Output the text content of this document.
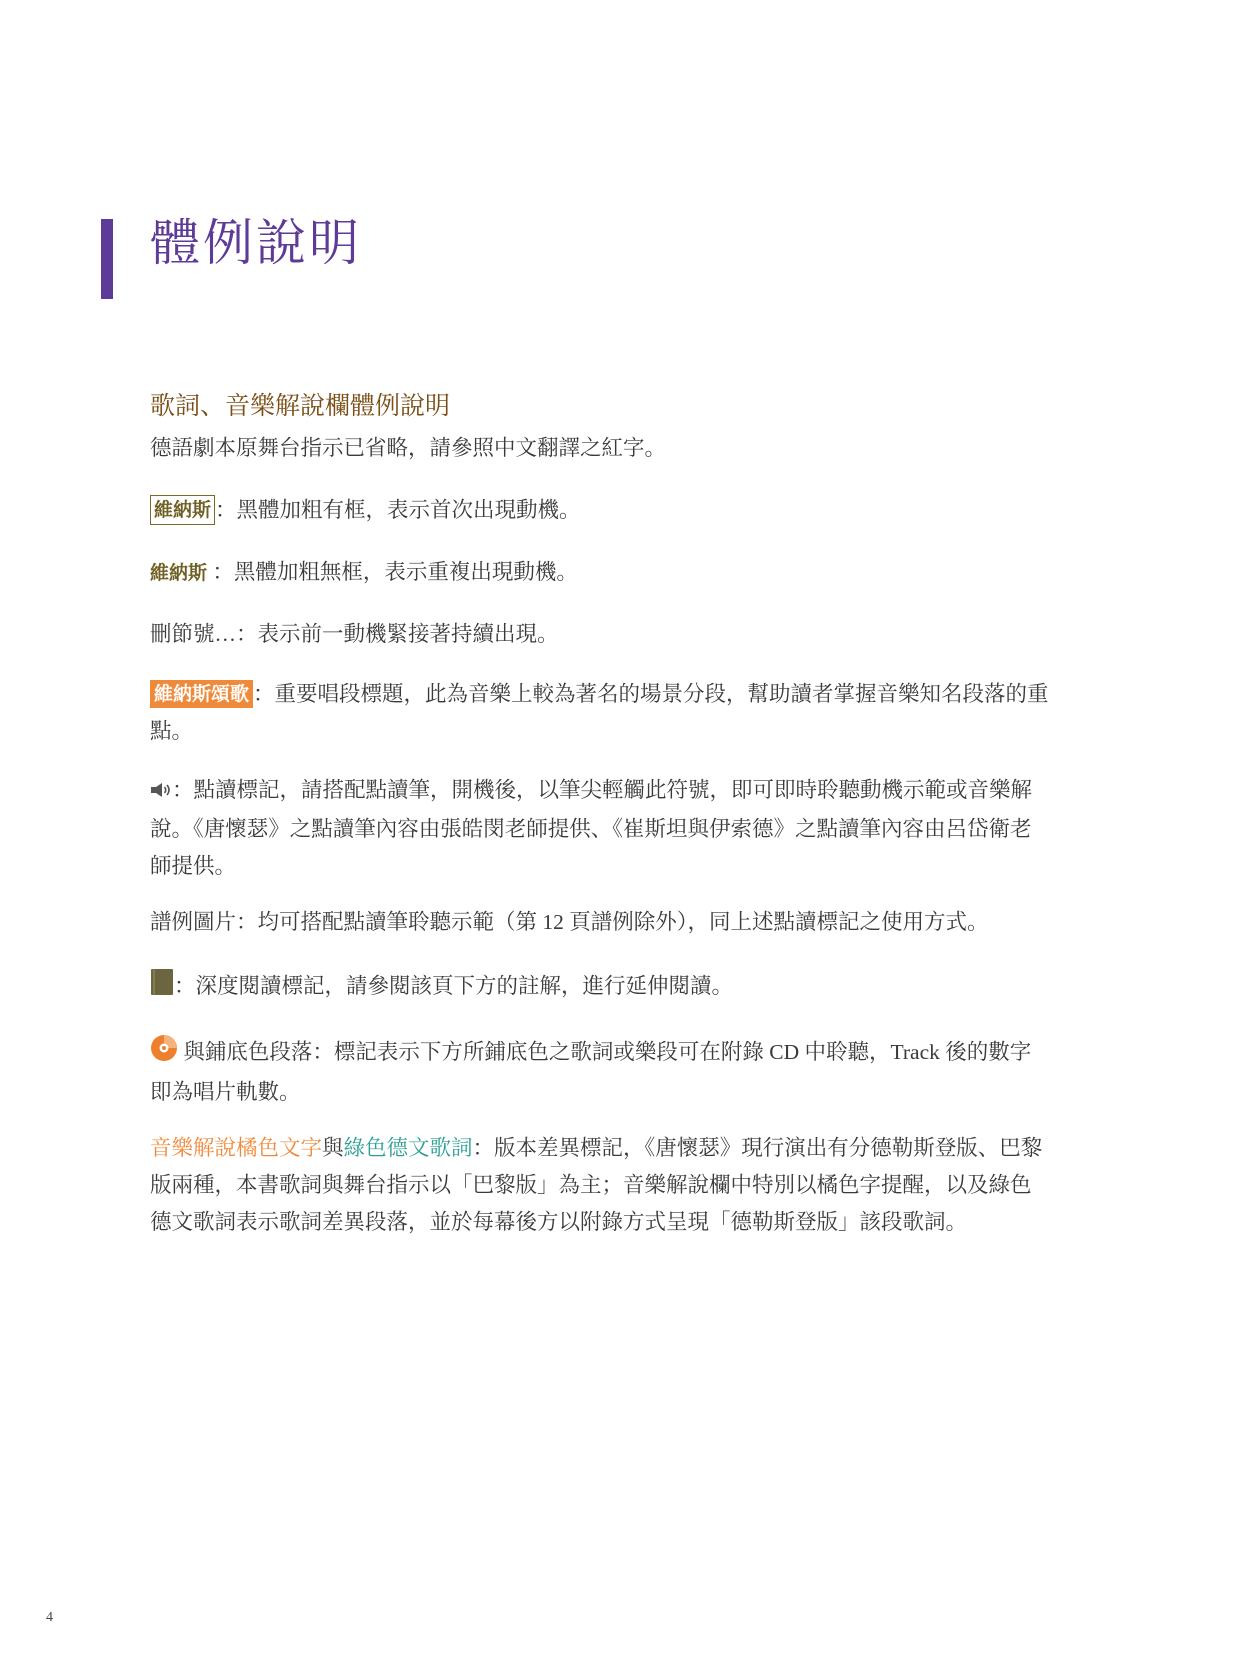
體例說明
歌詞、音樂解說欄體例說明

德語劇本原舞台指示已省略，請參照中文翻譯之紅字。

維納斯 ：黑體加粗有框，表示首次出現動機。

維納斯 ：黑體加粗無框，表示重複出現動機。

刪節號…：表示前一動機緊接著持續出現。

維納斯頌歌 ：重要唱段標題，此為音樂上較為著名的場景分段，幫助讀者掌握音樂知名段落的重點。

：點讀標記，請搭配點讀筆，開機後，以筆尖輕觸此符號，即可即時聆聽動機示範或音樂解說。《唐懷瑟》之點讀筆內容由張皓閔老師提供、《崔斯坦與伊索德》之點讀筆內容由呂岱衛老師提供。

譜例圖片：均可搭配點讀筆聆聽示範（第 12 頁譜例除外），同上述點讀標記之使用方式。

：深度閱讀標記，請參閱該頁下方的註解，進行延伸閱讀。

與鋪底色段落：標記表示下方所鋪底色之歌詞或樂段可在附錄 CD 中聆聽，Track 後的數字即為唱片軌數。

音樂解說橘色文字與綠色德文歌詞：版本差異標記，《唐懷瑟》現行演出有分德勒斯登版、巴黎版兩種，本書歌詞與舞台指示以「巴黎版」為主；音樂解說欄中特別以橘色字提醒，以及綠色德文歌詞表示歌詞差異段落，並於每幕後方以附錄方式呈現「德勒斯登版」該段歌詞。

4
